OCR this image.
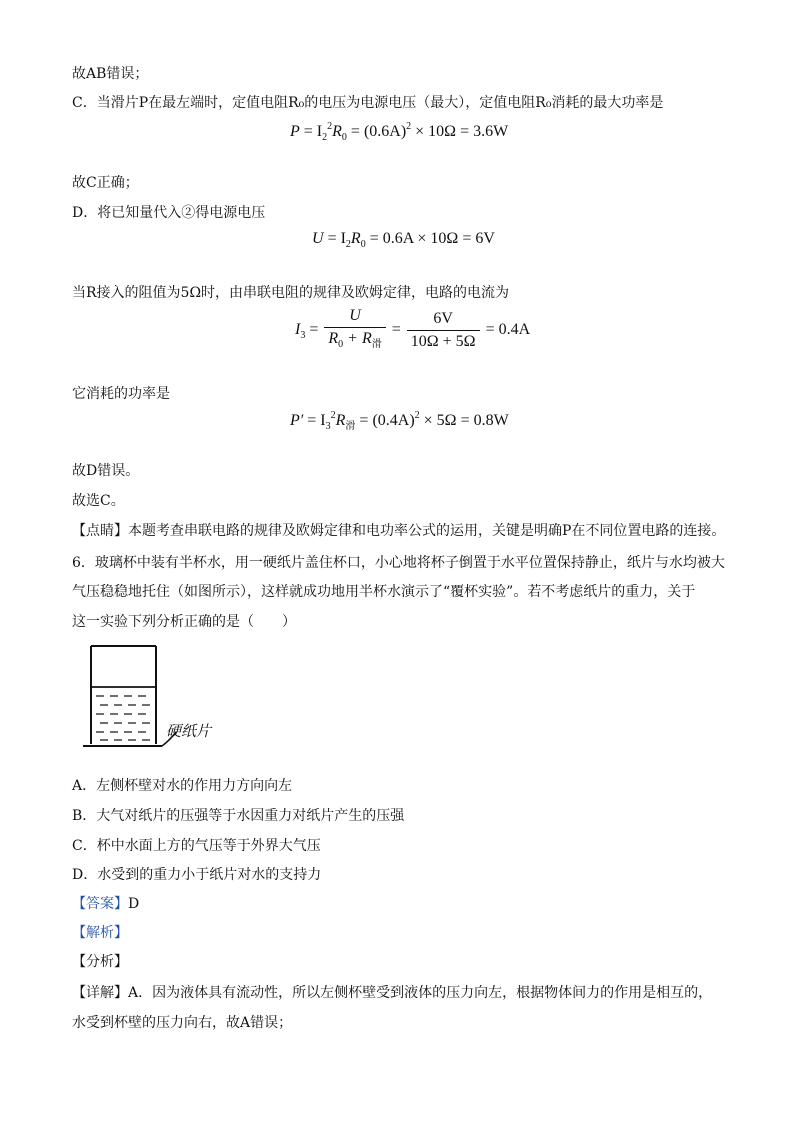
故AB错误；
C．当滑片P在最左端时，定值电阻R₀的电压为电源电压（最大），定值电阻R₀消耗的最大功率是
$P = I_2^2R_0 = (0.6A)^2 \times 10\Omega = 3.6W$
故C正确；
D．将已知量代入②得电源电压
$U = I_2R_0 = 0.6A \times 10\Omega = 6V$
当R接入的阻值为5Ω时，由串联电阻的规律及欧姆定律，电路的电流为
$I_3 = \frac{U}{R_0 + R_滑} = \frac{6V}{10\Omega + 5\Omega} = 0.4A$
它消耗的功率是
$P' = I_3^2R_滑 = (0.4A)^2 \times 5\Omega = 0.8W$
故D错误。
故选C。
【点睛】本题考查串联电路的规律及欧姆定律和电功率公式的运用，关键是明确P在不同位置电路的连接。
6．玻璃杯中装有半杯水，用一硬纸片盖住杯口，小心地将杯子倒置于水平位置保持静止，纸片与水均被大
气压稳稳地托住（如图所示），这样就成功地用半杯水演示了“覆杯实验”。若不考虑纸片的重力，关于
这一实验下列分析正确的是（　　）
硬纸片
A．左侧杯壁对水的作用力方向向左
B．大气对纸片的压强等于水因重力对纸片产生的压强
C．杯中水面上方的气压等于外界大气压
D．水受到的重力小于纸片对水的支持力
【答案】D
【解析】
【分析】
【详解】A．因为液体具有流动性，所以左侧杯壁受到液体的压力向左，根据物体间力的作用是相互的，
水受到杯壁的压力向右，故A错误；
